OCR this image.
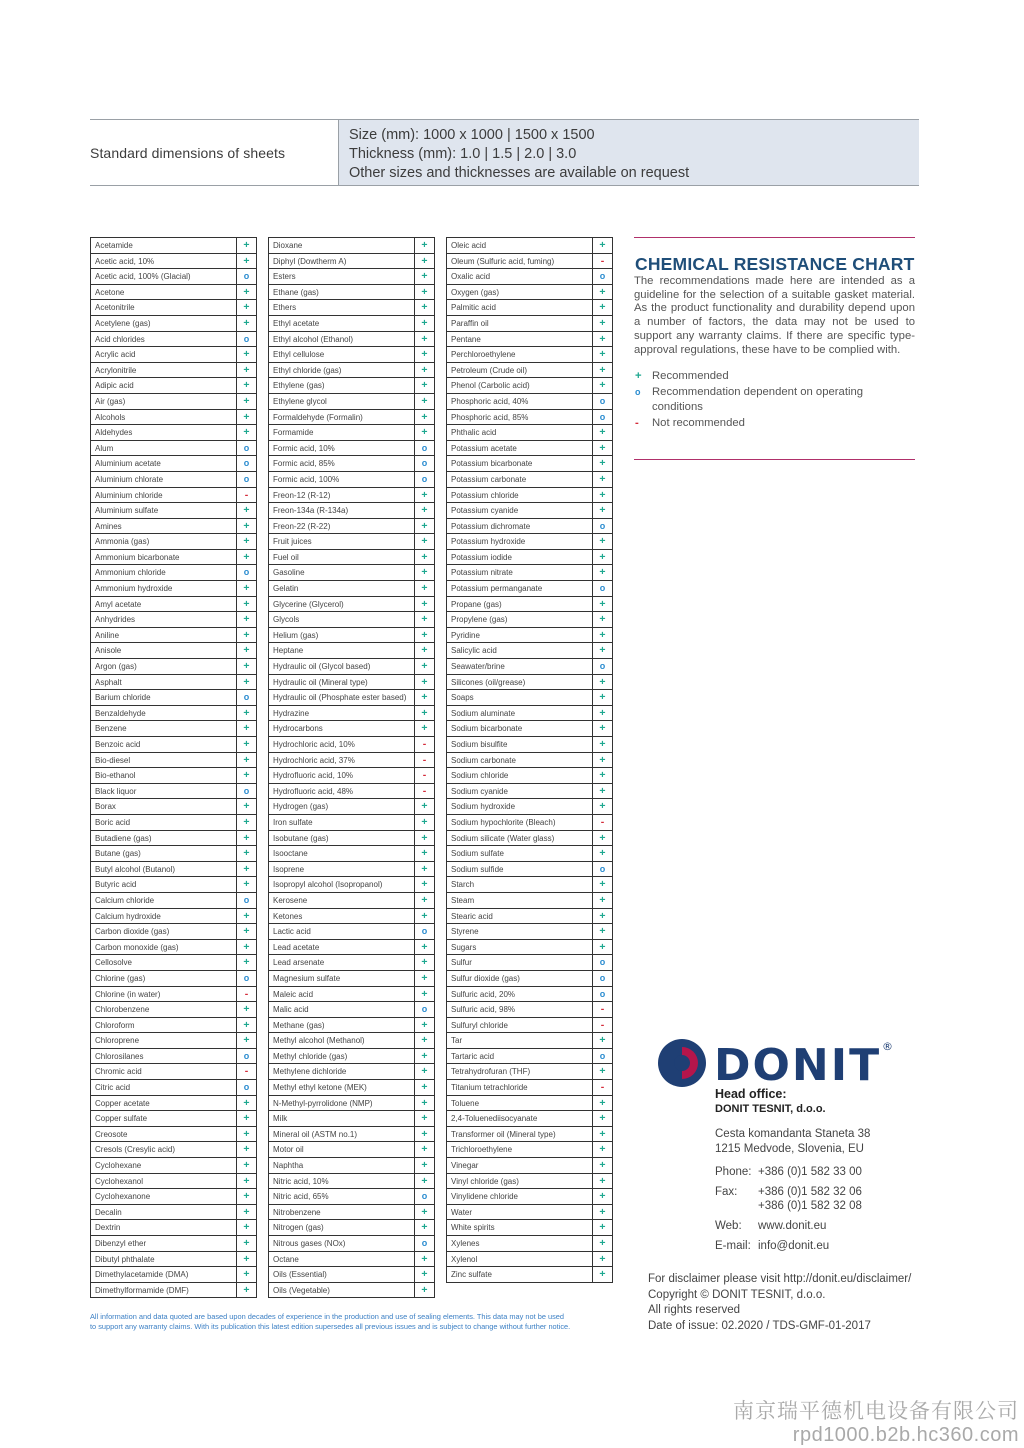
Standard dimensions of sheets
Size (mm): 1000 x 1000 | 1500 x 1500
Thickness (mm): 1.0 | 1.5 | 2.0 | 3.0
Other sizes and thicknesses are available on request
Acetamide	+
Acetic acid, 10%	+
Acetic acid, 100% (Glacial)	o
Acetone	+
Acetonitrile	+
Acetylene (gas)	+
Acid chlorides	o
Acrylic acid	+
Acrylonitrile	+
Adipic acid	+
Air (gas)	+
Alcohols	+
Aldehydes	+
Alum	o
Aluminium acetate	o
Aluminium chlorate	o
Aluminium chloride	-
Aluminium sulfate	+
Amines	+
Ammonia (gas)	+
Ammonium bicarbonate	+
Ammonium chloride	o
Ammonium hydroxide	+
Amyl acetate	+
Anhydrides	+
Aniline	+
Anisole	+
Argon (gas)	+
Asphalt	+
Barium chloride	o
Benzaldehyde	+
Benzene	+
Benzoic acid	+
Bio-diesel	+
Bio-ethanol	+
Black liquor	o
Borax	+
Boric acid	+
Butadiene (gas)	+
Butane (gas)	+
Butyl alcohol (Butanol)	+
Butyric acid	+
Calcium chloride	o
Calcium hydroxide	+
Carbon dioxide (gas)	+
Carbon monoxide (gas)	+
Cellosolve	+
Chlorine (gas)	o
Chlorine (in water)	-
Chlorobenzene	+
Chloroform	+
Chloroprene	+
Chlorosilanes	o
Chromic acid	-
Citric acid	o
Copper acetate	+
Copper sulfate	+
Creosote	+
Cresols (Cresylic acid)	+
Cyclohexane	+
Cyclohexanol	+
Cyclohexanone	+
Decalin	+
Dextrin	+
Dibenzyl ether	+
Dibutyl phthalate	+
Dimethylacetamide (DMA)	+
Dimethylformamide (DMF)	+
Dioxane	+
Diphyl (Dowtherm A)	+
Esters	+
Ethane (gas)	+
Ethers	+
Ethyl acetate	+
Ethyl alcohol (Ethanol)	+
Ethyl cellulose	+
Ethyl chloride (gas)	+
Ethylene (gas)	+
Ethylene glycol	+
Formaldehyde (Formalin)	+
Formamide	+
Formic acid, 10%	o
Formic acid, 85%	o
Formic acid, 100%	o
Freon-12 (R-12)	+
Freon-134a (R-134a)	+
Freon-22 (R-22)	+
Fruit juices	+
Fuel oil	+
Gasoline	+
Gelatin	+
Glycerine (Glycerol)	+
Glycols	+
Helium (gas)	+
Heptane	+
Hydraulic oil (Glycol based)	+
Hydraulic oil (Mineral type)	+
Hydraulic oil (Phosphate ester based)	+
Hydrazine	+
Hydrocarbons	+
Hydrochloric acid, 10%	-
Hydrochloric acid, 37%	-
Hydrofluoric acid, 10%	-
Hydrofluoric acid, 48%	-
Hydrogen (gas)	+
Iron sulfate	+
Isobutane (gas)	+
Isooctane	+
Isoprene	+
Isopropyl alcohol (Isopropanol)	+
Kerosene	+
Ketones	+
Lactic acid	o
Lead acetate	+
Lead arsenate	+
Magnesium sulfate	+
Maleic acid	+
Malic acid	o
Methane (gas)	+
Methyl alcohol (Methanol)	+
Methyl chloride (gas)	+
Methylene dichloride	+
Methyl ethyl ketone (MEK)	+
N-Methyl-pyrrolidone (NMP)	+
Milk	+
Mineral oil (ASTM no.1)	+
Motor oil	+
Naphtha	+
Nitric acid, 10%	+
Nitric acid, 65%	o
Nitrobenzene	+
Nitrogen (gas)	+
Nitrous gases (NOx)	o
Octane	+
Oils (Essential)	+
Oils (Vegetable)	+
Oleic acid	+
Oleum (Sulfuric acid, fuming)	-
Oxalic acid	o
Oxygen (gas)	+
Palmitic acid	+
Paraffin oil	+
Pentane	+
Perchloroethylene	+
Petroleum (Crude oil)	+
Phenol (Carbolic acid)	+
Phosphoric acid, 40%	o
Phosphoric acid, 85%	o
Phthalic acid	+
Potassium acetate	+
Potassium bicarbonate	+
Potassium carbonate	+
Potassium chloride	+
Potassium cyanide	+
Potassium dichromate	o
Potassium hydroxide	+
Potassium iodide	+
Potassium nitrate	+
Potassium permanganate	o
Propane (gas)	+
Propylene (gas)	+
Pyridine	+
Salicylic acid	+
Seawater/brine	o
Silicones (oil/grease)	+
Soaps	+
Sodium aluminate	+
Sodium bicarbonate	+
Sodium bisulfite	+
Sodium carbonate	+
Sodium chloride	+
Sodium cyanide	+
Sodium hydroxide	+
Sodium hypochlorite (Bleach)	-
Sodium silicate (Water glass)	+
Sodium sulfate	+
Sodium sulfide	o
Starch	+
Steam	+
Stearic acid	+
Styrene	+
Sugars	+
Sulfur	o
Sulfur dioxide (gas)	o
Sulfuric acid, 20%	o
Sulfuric acid, 98%	-
Sulfuryl chloride	-
Tar	+
Tartaric acid	o
Tetrahydrofuran (THF)	+
Titanium tetrachloride	-
Toluene	+
2,4-Toluenediisocyanate	+
Transformer oil (Mineral type)	+
Trichloroethylene	+
Vinegar	+
Vinyl chloride (gas)	+
Vinylidene chloride	+
Water	+
White spirits	+
Xylenes	+
Xylenol	+
Zinc sulfate	+
CHEMICAL RESISTANCE CHART

The recommendations made here are intended as a guideline for the selection of a suitable gasket material. As the product functionality and durability depend upon a number of factors, the data may not be used to support any warranty claims. If there are specific type-approval regulations, these have to be complied with.

+ Recommended
o Recommendation dependent on operating conditions
- Not recommended
DONIT ®
Head office:
DONIT TESNIT, d.o.o.
Cesta komandanta Staneta 38
1215 Medvode, Slovenia, EU
Phone: +386 (0)1 582 33 00
Fax: +386 (0)1 582 32 06
+386 (0)1 582 32 08
Web: www.donit.eu
E-mail: info@donit.eu
For disclaimer please visit http://donit.eu/disclaimer/
Copyright © DONIT TESNIT, d.o.o.
All rights reserved
Date of issue: 02.2020 / TDS-GMF-01-2017
All information and data quoted are based upon decades of experience in the production and use of sealing elements. This data may not be used
to support any warranty claims. With its publication this latest edition supersedes all previous issues and is subject to change without further notice.
南京瑞平德机电设备有限公司
rpd1000.b2b.hc360.com
